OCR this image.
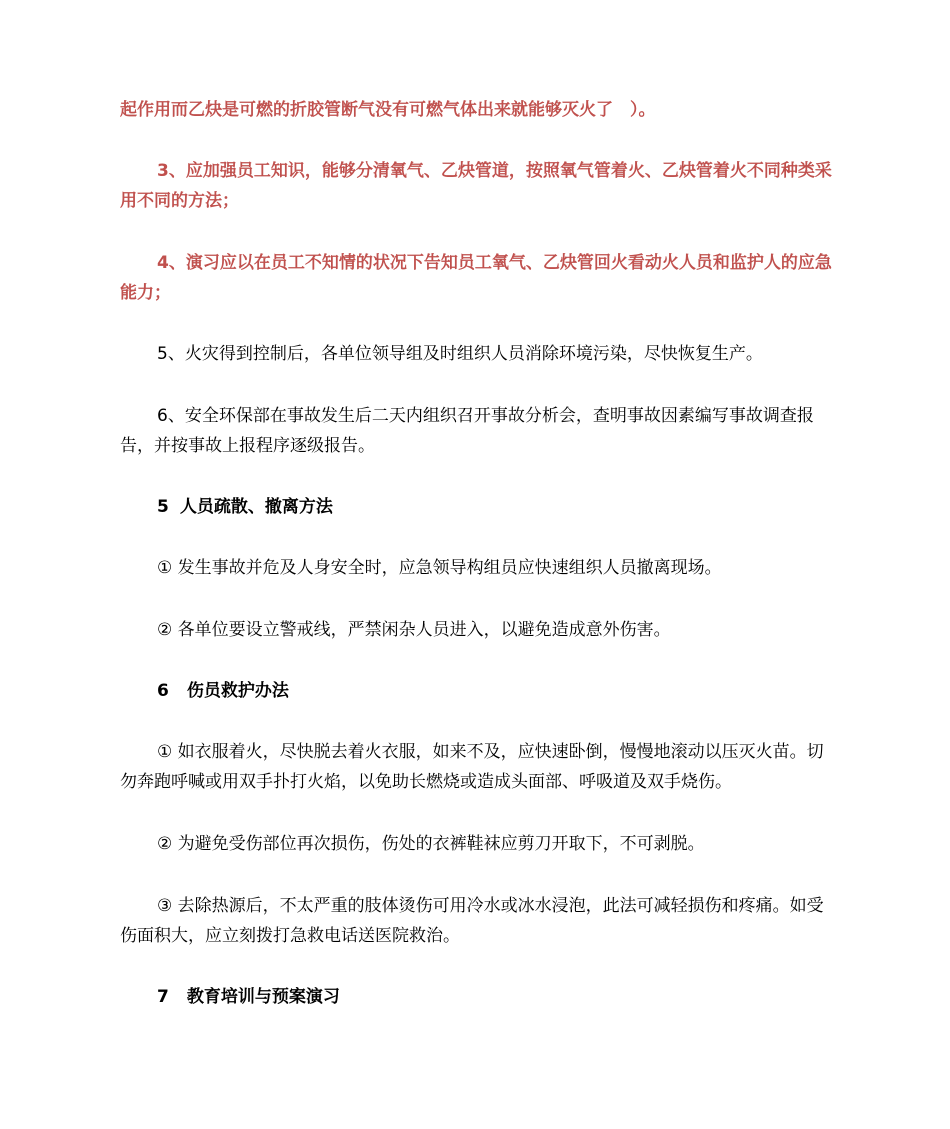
起作用而乙炔是可燃的折胶管断气没有可燃气体出来就能够灭火了　）。

3、应加强员工知识，能够分清氧气、乙炔管道，按照氧气管着火、乙炔管着火不同种类采用不同的方法；

4、演习应以在员工不知情的状况下告知员工氧气、乙炔管回火看动火人员和监护人的应急能力；

5、火灾得到控制后，各单位领导组及时组织人员消除环境污染，尽快恢复生产。

6、安全环保部在事故发生后二天内组织召开事故分析会，查明事故因素编写事故调查报告，并按事故上报程序逐级报告。

5 人员疏散、撤离方法

① 发生事故并危及人身安全时，应急领导构组员应快速组织人员撤离现场。

② 各单位要设立警戒线，严禁闲杂人员进入，以避免造成意外伤害。

6 伤员救护办法

① 如衣服着火，尽快脱去着火衣服，如来不及，应快速卧倒，慢慢地滚动以压灭火苗。切勿奔跑呼喊或用双手扑打火焰，以免助长燃烧或造成头面部、呼吸道及双手烧伤。

② 为避免受伤部位再次损伤，伤处的衣裤鞋袜应剪刀开取下，不可剥脱。

③ 去除热源后，不太严重的肢体烫伤可用冷水或冰水浸泡，此法可减轻损伤和疼痛。如受伤面积大，应立刻拨打急救电话送医院救治。

7 教育培训与预案演习
